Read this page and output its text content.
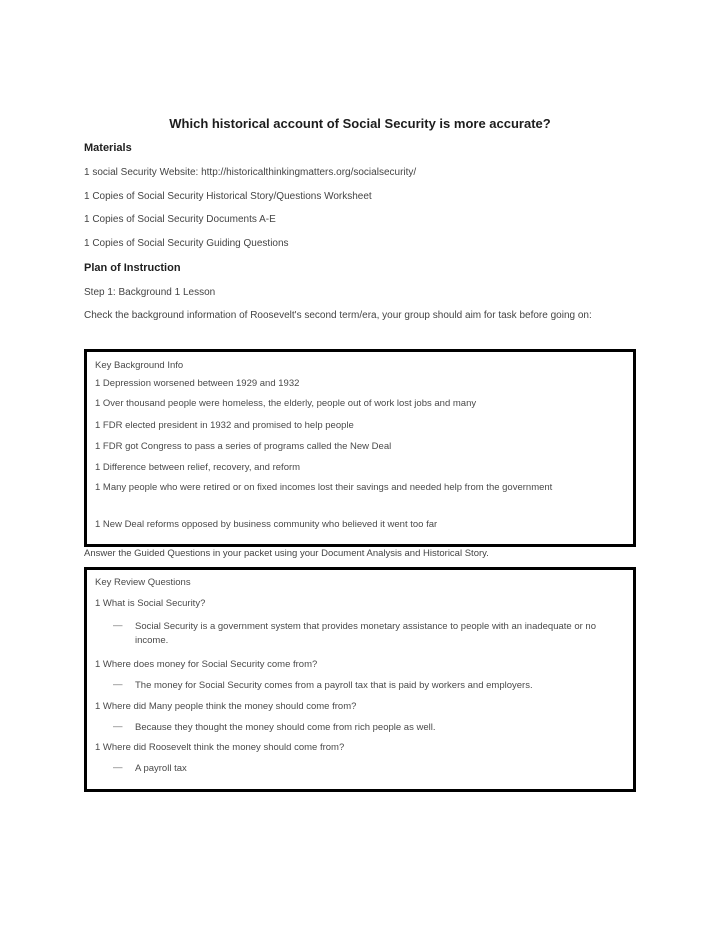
Which historical account of Social Security is more accurate?
Materials
1 social Security Website: http://historicalthinkingmatters.org/socialsecurity/
1 Copies of Social Security Historical Story/Questions Worksheet
1 Copies of Social Security Documents A-E
1 Copies of Social Security Guiding Questions
Plan of Instruction
Step 1: Background 1 Lesson
Check the background information of Roosevelt's second term/era, your group should aim for task before going on:
Key Background Info
1 Depression worsened between 1929 and 1932
1 Over thousand people were homeless, the elderly, people out of work lost jobs and many
1 FDR elected president in 1932 and promised to help people
1 FDR got Congress to pass a series of programs called the New Deal
1 Difference between relief, recovery, and reform
1 Many people who were retired or on fixed incomes lost their savings and needed help from the government
1 New Deal reforms opposed by business community who believed it went too far
Answer the Guided Questions in your packet using your Document Analysis and Historical Story.
Key Review Questions
1 What is Social Security?
— Social Security is a government system that provides monetary assistance to people with an inadequate or no income.
1 Where does money for Social Security come from?
— The money for Social Security comes from a payroll tax that is paid by workers and employers.
1 Where did Many people think the money should come from?
— Because they thought the money should come from rich people as well.
1 Where did Roosevelt think the money should come from?
— A payroll tax
